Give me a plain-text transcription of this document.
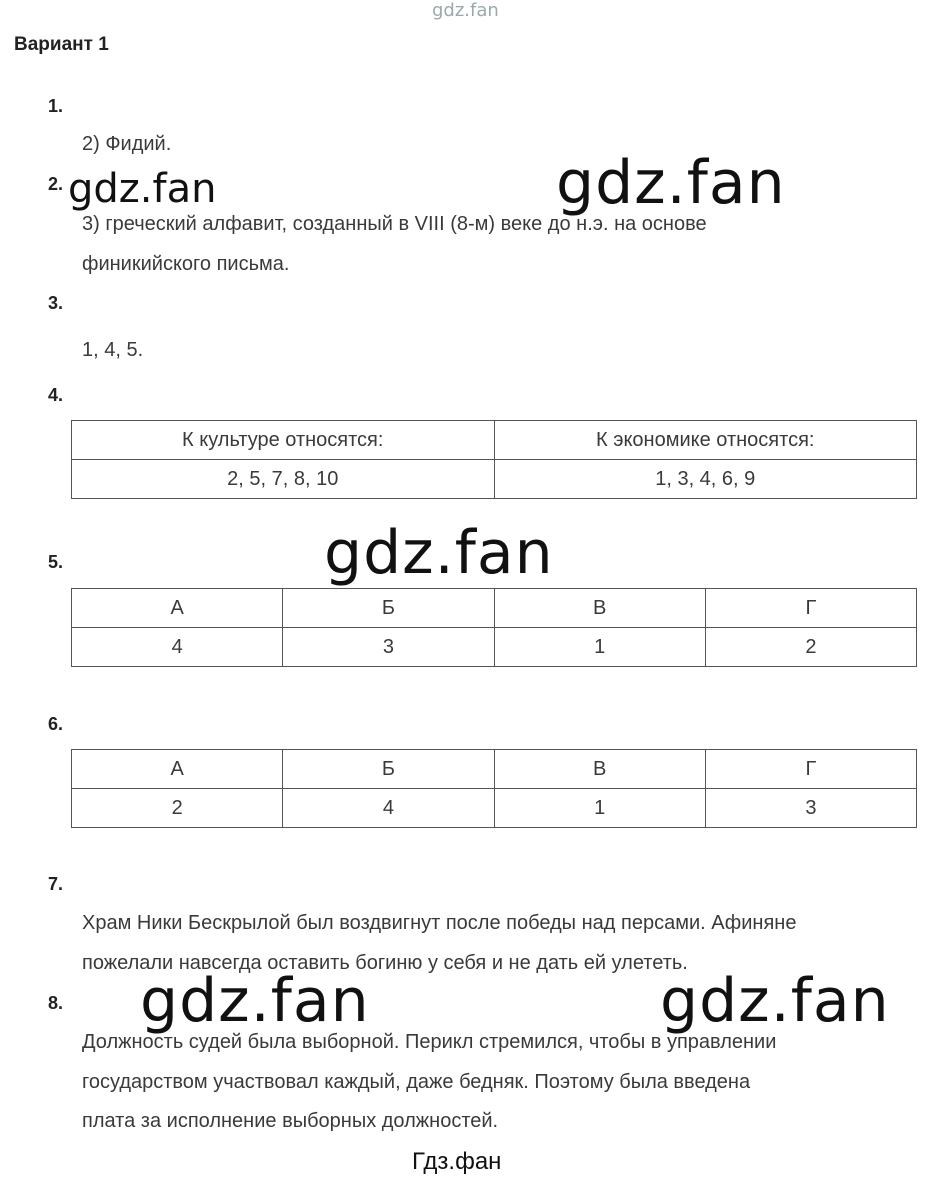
gdz.fan
Вариант 1
1.
2) Фидий.
2.
3) греческий алфавит, созданный в VIII (8-м) веке до н.э. на основе
финикийского письма.
3.
1, 4, 5.
4.
К культуре относятся:	К экономике относятся:
2, 5, 7, 8, 10	1, 3, 4, 6, 9
5.
А	Б	В	Г
4	3	1	2
6.
А	Б	В	Г
2	4	1	3
7.
Храм Ники Бескрылой был воздвигнут после победы над персами. Афиняне
пожелали навсегда оставить богиню у себя и не дать ей улететь.
8.
Должность судей была выборной. Перикл стремился, чтобы в управлении
государством участвовал каждый, даже бедняк. Поэтому была введена
плата за исполнение выборных должностей.
gdz.fan	gdz.fan
gdz.fan
gdz.fan	gdz.fan
Гдз.фан
